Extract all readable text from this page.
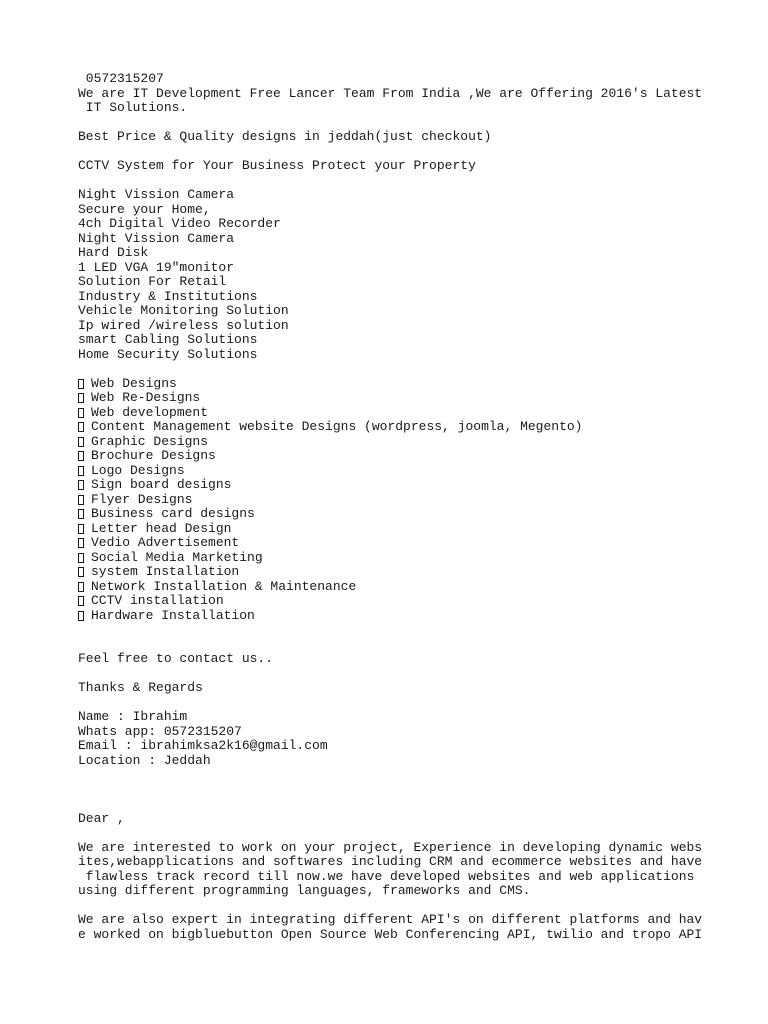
0572315207
We are IT Development Free Lancer Team From India ,We are Offering 2016's Latest
IT Solutions.
Best Price & Quality designs in jeddah(just checkout)
CCTV System for Your Business Protect your Property
Night Vission Camera
Secure your Home,
4ch Digital Video Recorder
Night Vission Camera
Hard Disk
1 LED VGA 19"monitor
Solution For Retail
Industry & Institutions
Vehicle Monitoring Solution
Ip wired /wireless solution
smart Cabling Solutions
Home Security Solutions
Web Designs
Web Re-Designs
Web development
Content Management website Designs (wordpress, joomla, Megento)
Graphic Designs
Brochure Designs
Logo Designs
Sign board designs
Flyer Designs
Business card designs
Letter head Design
Vedio Advertisement
Social Media Marketing
system Installation
Network Installation & Maintenance
CCTV installation
Hardware Installation
Feel free to contact us..
Thanks & Regards
Name : Ibrahim
Whats app: 0572315207
Email : ibrahimksa2k16@gmail.com
Location : Jeddah
Dear ,
We are interested to work on your project, Experience in developing dynamic webs
ites,webapplications and softwares including CRM and ecommerce websites and have
flawless track record till now.we have developed websites and web applications
using different programming languages, frameworks and CMS.
We are also expert in integrating different API's on different platforms and hav
e worked on bigbluebutton Open Source Web Conferencing API, twilio and tropo API
